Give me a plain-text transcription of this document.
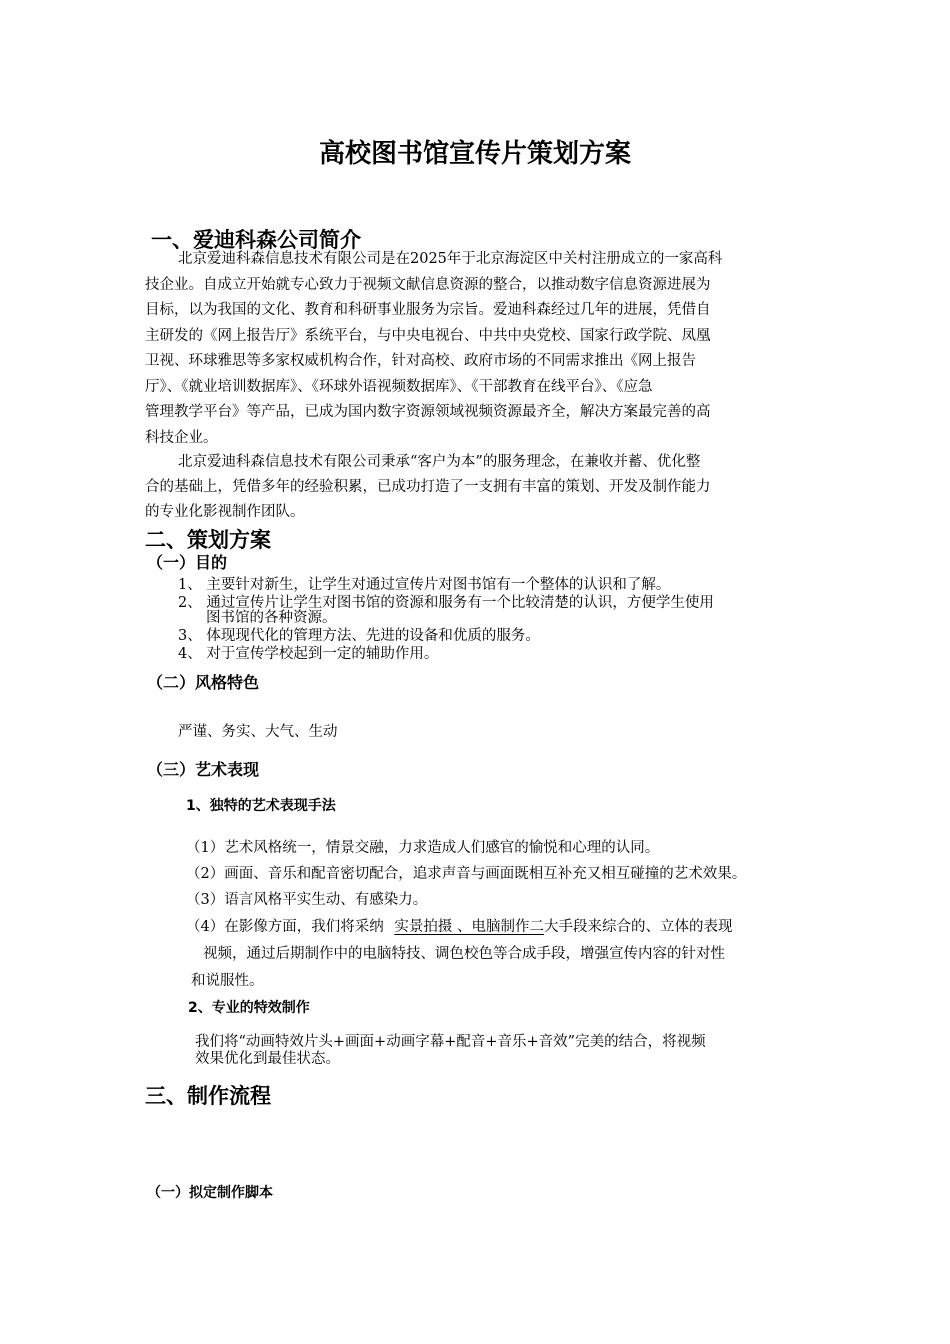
高校图书馆宣传片策划方案
一、爱迪科森公司简介
北京爱迪科森信息技术有限公司是在2025年于北京海淀区中关村注册成立的一家高科
技企业。自成立开始就专心致力于视频文献信息资源的整合，以推动数字信息资源进展为
目标，以为我国的文化、教育和科研事业服务为宗旨。爱迪科森经过几年的进展，凭借自
主研发的《网上报告厅》系统平台，与中央电视台、中共中央党校、国家行政学院、凤凰
卫视、环球雅思等多家权威机构合作，针对高校、政府市场的不同需求推出《网上报告
厅》、《就业培训数据库》、《环球外语视频数据库》、《干部教育在线平台》、《应急
管理教学平台》等产品，已成为国内数字资源领域视频资源最齐全，解决方案最完善的高
科技企业。
北京爱迪科森信息技术有限公司秉承“客户为本”的服务理念，在兼收并蓄、优化整
合的基础上，凭借多年的经验积累，已成功打造了一支拥有丰富的策划、开发及制作能力
的专业化影视制作团队。
二、策划方案
（一）目的
1、 主要针对新生，让学生对通过宣传片对图书馆有一个整体的认识和了解。
2、 通过宣传片让学生对图书馆的资源和服务有一个比较清楚的认识，方便学生使用
图书馆的各种资源。
3、 体现现代化的管理方法、先进的设备和优质的服务。
4、 对于宣传学校起到一定的辅助作用。
（二）风格特色
严谨、务实、大气、生动
（三）艺术表现
1、独特的艺术表现手法
（1）艺术风格统一，情景交融，力求造成人们感官的愉悦和心理的认同。
（2）画面、音乐和配音密切配合，追求声音与画面既相互补充又相互碰撞的艺术效果。
（3）语言风格平实生动、有感染力。
（4）在影像方面，我们将采纳 实景拍摄 、电脑制作二大手段来综合的、立体的表现
视频，通过后期制作中的电脑特技、调色校色等合成手段，增强宣传内容的针对性
和说服性。
2、专业的特效制作
我们将“动画特效片头+画面+动画字幕+配音+音乐+音效”完美的结合，将视频
效果优化到最佳状态。
三、制作流程
（一）拟定制作脚本
